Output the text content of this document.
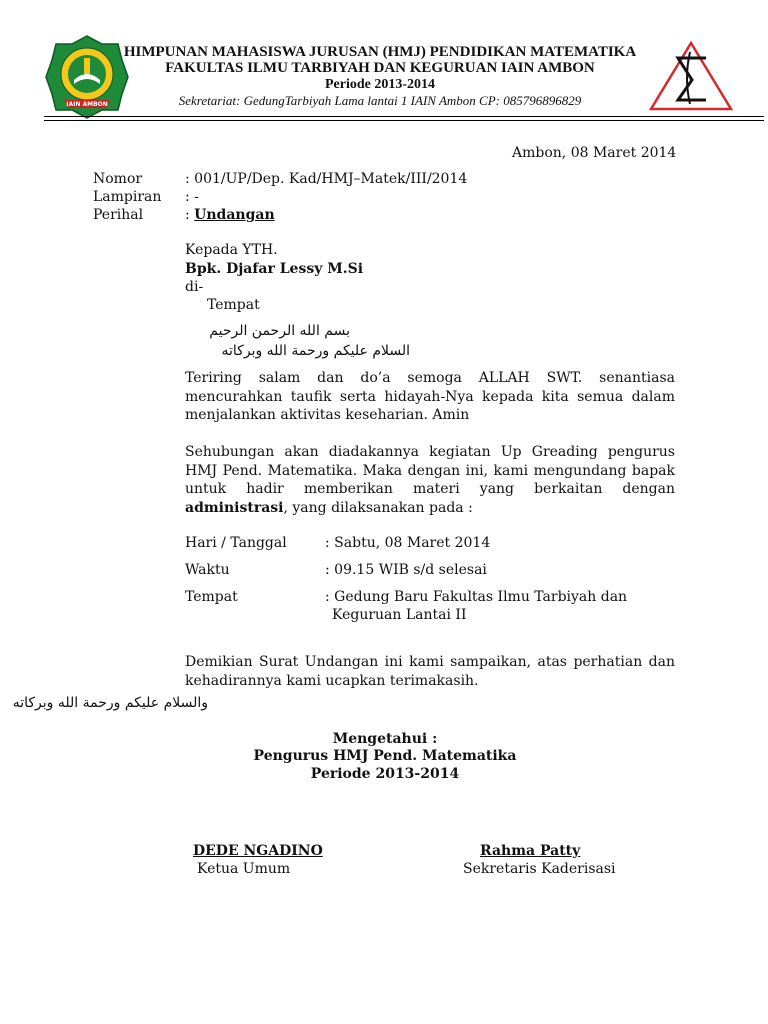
IAIN AMBON
HIMPUNAN MAHASISWA JURUSAN (HMJ) PENDIDIKAN MATEMATIKA
FAKULTAS ILMU TARBIYAH DAN KEGURUAN IAIN AMBON
Periode 2013-2014
Sekretariat: GedungTarbiyah Lama lantai 1 IAIN Ambon CP: 085796896829
Ambon, 08 Maret 2014
Nomor	: 001/UP/Dep. Kad/HMJ–Matek/III/2014
Lampiran : -
Perihal	: Undangan
Kepada YTH.
Bpk. Djafar Lessy M.Si
di-
Tempat
بسم الله الرحمن الرحيم
السلام عليكم ورحمة الله وبركاته
Teriring salam dan do’a semoga ALLAH SWT. senantiasa mencurahkan taufik serta hidayah-Nya kepada kita semua dalam menjalankan aktivitas keseharian. Amin
Sehubungan akan diadakannya kegiatan Up Greading pengurus HMJ Pend. Matematika. Maka dengan ini, kami mengundang bapak untuk hadir memberikan materi yang berkaitan dengan administrasi, yang dilaksanakan pada :
Hari / Tanggal	: Sabtu, 08 Maret 2014
Waktu	: 09.15 WIB s/d selesai
Tempat	: Gedung Baru Fakultas Ilmu Tarbiyah dan
Keguruan Lantai II
Demikian Surat Undangan ini kami sampaikan, atas perhatian dan kehadirannya kami ucapkan terimakasih.
والسلام عليكم ورحمة الله وبركاته
Mengetahui :
Pengurus HMJ Pend. Matematika
Periode 2013-2014
DEDE NGADINO
Ketua Umum
Rahma Patty
Sekretaris Kaderisasi
